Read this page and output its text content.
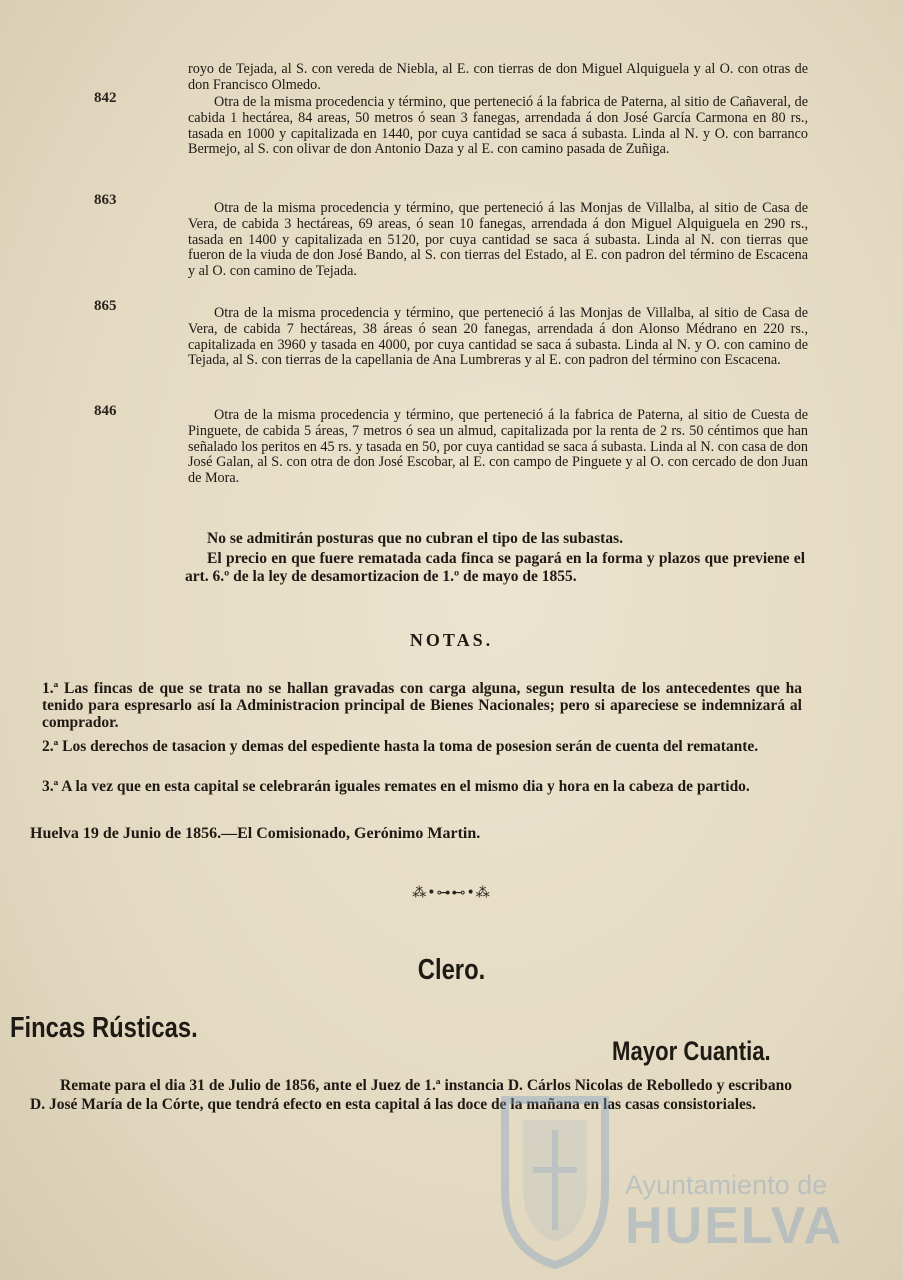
842
863
865
846
royo de Tejada, al S. con vereda de Niebla, al E. con tierras de don Miguel Alquiguela y al O. con otras de don Francisco Olmedo.
Otra de la misma procedencia y término, que perteneció á la fabrica de Paterna, al sitio de Cañaveral, de cabida 1 hectárea, 84 areas, 50 metros ó sean 3 fanegas, arrendada á don José García Carmona en 80 rs., tasada en 1000 y capitalizada en 1440, por cuya cantidad se saca á subasta. Linda al N. y O. con barranco Bermejo, al S. con olivar de don Antonio Daza y al E. con camino pasada de Zuñiga.
Otra de la misma procedencia y término, que perteneció á las Monjas de Villalba, al sitio de Casa de Vera, de cabida 3 hectáreas, 69 areas, ó sean 10 fanegas, arrendada á don Miguel Alquiguela en 290 rs., tasada en 1400 y capitalizada en 5120, por cuya cantidad se saca á subasta. Linda al N. con tierras que fueron de la viuda de don José Bando, al S. con tierras del Estado, al E. con padron del término de Escacena y al O. con camino de Tejada.
Otra de la misma procedencia y término, que perteneció á las Monjas de Villalba, al sitio de Casa de Vera, de cabida 7 hectáreas, 38 áreas ó sean 20 fanegas, arrendada á don Alonso Médrano en 220 rs., capitalizada en 3960 y tasada en 4000, por cuya cantidad se saca á subasta. Linda al N. y O. con camino de Tejada, al S. con tierras de la capellania de Ana Lumbreras y al E. con padron del término con Escacena.
Otra de la misma procedencia y término, que perteneció á la fabrica de Paterna, al sitio de Cuesta de Pinguete, de cabida 5 áreas, 7 metros ó sea un almud, capitalizada por la renta de 2 rs. 50 céntimos que han señalado los peritos en 45 rs. y tasada en 50, por cuya cantidad se saca á subasta. Linda al N. con casa de don José Galan, al S. con otra de don José Escobar, al E. con campo de Pinguete y al O. con cercado de don Juan de Mora.
No se admitirán posturas que no cubran el tipo de las subastas.
El precio en que fuere rematada cada finca se pagará en la forma y plazos que previene el art. 6.º de la ley de desamortizacion de 1.º de mayo de 1855.
NOTAS.
1.ª Las fincas de que se trata no se hallan gravadas con carga alguna, segun resulta de los antecedentes que ha tenido para espresarlo así la Administracion principal de Bienes Nacionales; pero si apareciese se indemnizará al comprador.
2.ª Los derechos de tasacion y demas del espediente hasta la toma de posesion serán de cuenta del rematante.
3.ª A la vez que en esta capital se celebrarán iguales remates en el mismo dia y hora en la cabeza de partido.
Huelva 19 de Junio de 1856.—El Comisionado, Gerónimo Martin.
⁂•⊶⊷•⁂
Clero.
Fincas Rústicas.
Mayor Cuantia.
Remate para el dia 31 de Julio de 1856, ante el Juez de 1.ª instancia D. Cárlos Nicolas de Rebolledo y escribano D. José María de la Córte, que tendrá efecto en esta capital á las doce de la mañana en las casas consistoriales.
Ayuntamiento de
HUELVA
